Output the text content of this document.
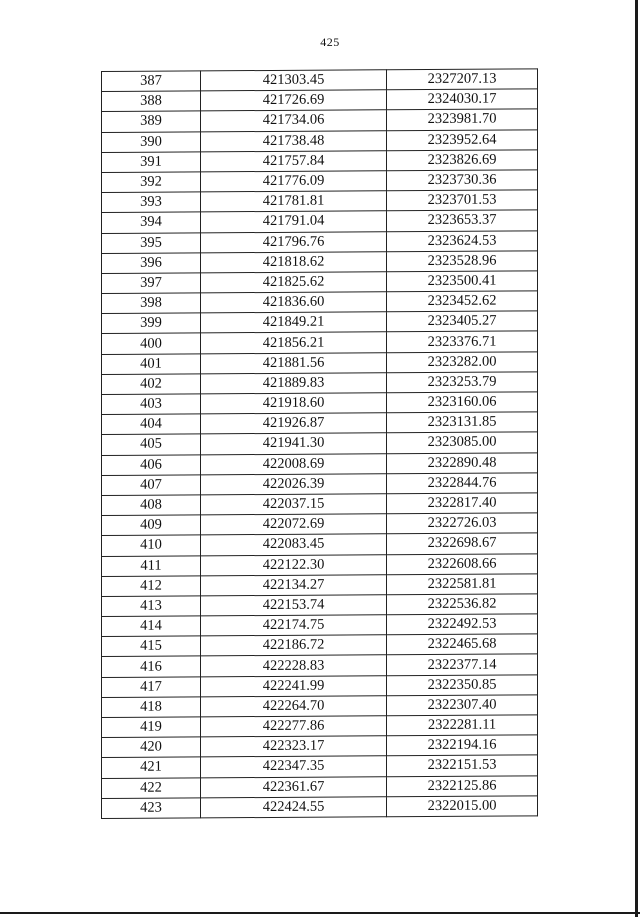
425
387	421303.45	2327207.13
388	421726.69	2324030.17
389	421734.06	2323981.70
390	421738.48	2323952.64
391	421757.84	2323826.69
392	421776.09	2323730.36
393	421781.81	2323701.53
394	421791.04	2323653.37
395	421796.76	2323624.53
396	421818.62	2323528.96
397	421825.62	2323500.41
398	421836.60	2323452.62
399	421849.21	2323405.27
400	421856.21	2323376.71
401	421881.56	2323282.00
402	421889.83	2323253.79
403	421918.60	2323160.06
404	421926.87	2323131.85
405	421941.30	2323085.00
406	422008.69	2322890.48
407	422026.39	2322844.76
408	422037.15	2322817.40
409	422072.69	2322726.03
410	422083.45	2322698.67
411	422122.30	2322608.66
412	422134.27	2322581.81
413	422153.74	2322536.82
414	422174.75	2322492.53
415	422186.72	2322465.68
416	422228.83	2322377.14
417	422241.99	2322350.85
418	422264.70	2322307.40
419	422277.86	2322281.11
420	422323.17	2322194.16
421	422347.35	2322151.53
422	422361.67	2322125.86
423	422424.55	2322015.00
